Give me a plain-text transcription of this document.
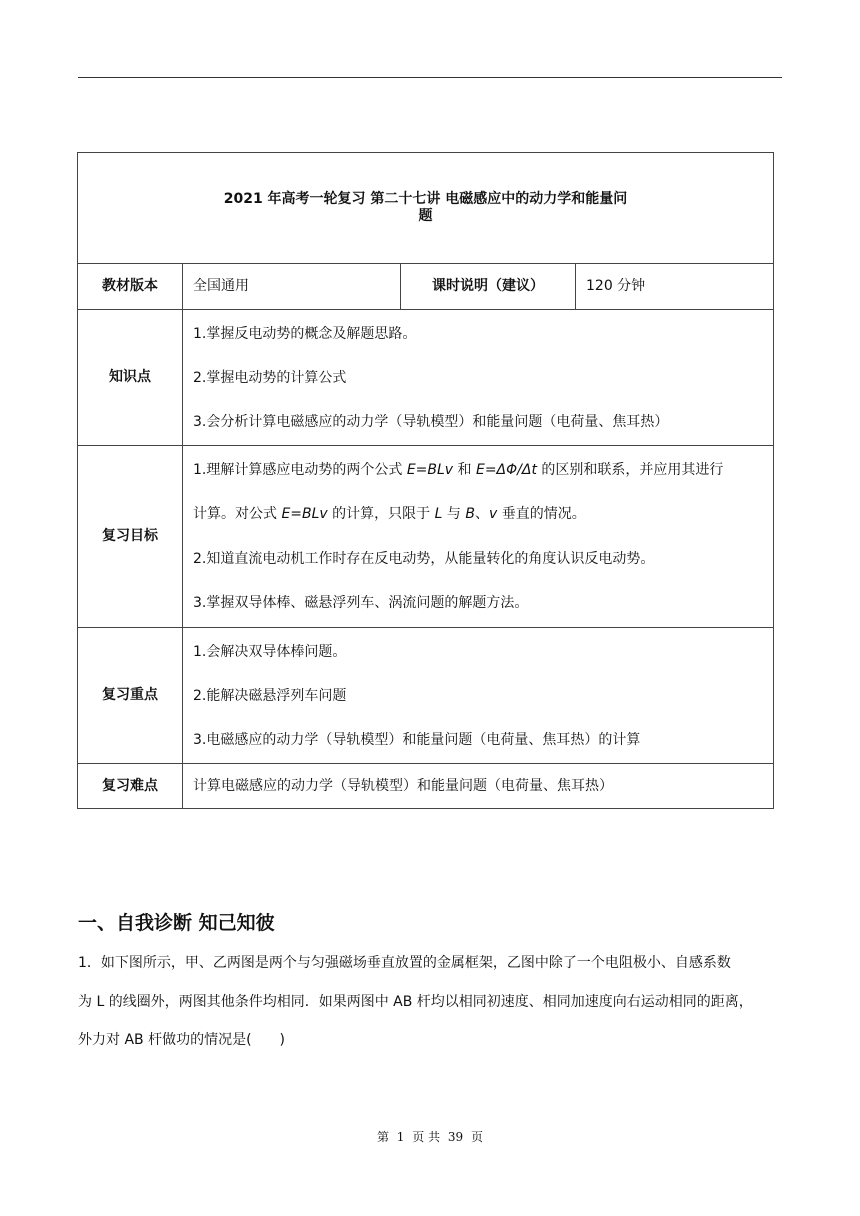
2021 年高考一轮复习 第二十七讲 电磁感应中的动力学和能量问
题			

教材版本	全国通用	课时说明（建议）	120 分钟
知识点	1.掌握反电动势的概念及解题思路。
2.掌握电动势的计算公式
3.会分析计算电磁感应的动力学（导轨模型）和能量问题（电荷量、焦耳热）		

复习目标	1.理解计算感应电动势的两个公式 E=BLv 和 E=ΔΦ/Δt 的区别和联系，并应用其进行
计算。对公式 E=BLv 的计算，只限于 L 与 B、v 垂直的情况。
2.知道直流电动机工作时存在反电动势，从能量转化的角度认识反电动势。
3.掌握双导体棒、磁悬浮列车、涡流问题的解题方法。		

复习重点	1.会解决双导体棒问题。
2.能解决磁悬浮列车问题
3.电磁感应的动力学（导轨模型）和能量问题（电荷量、焦耳热）的计算		

复习难点	计算电磁感应的动力学（导轨模型）和能量问题（电荷量、焦耳热）		
一、自我诊断 知己知彼

1．如下图所示，甲、乙两图是两个与匀强磁场垂直放置的金属框架，乙图中除了一个电阻极小、自感系数
为 L 的线圈外，两图其他条件均相同．如果两图中 AB 杆均以相同初速度、相同加速度向右运动相同的距离，
外力对 AB 杆做功的情况是(　　)

第 1 页 共 39 页
